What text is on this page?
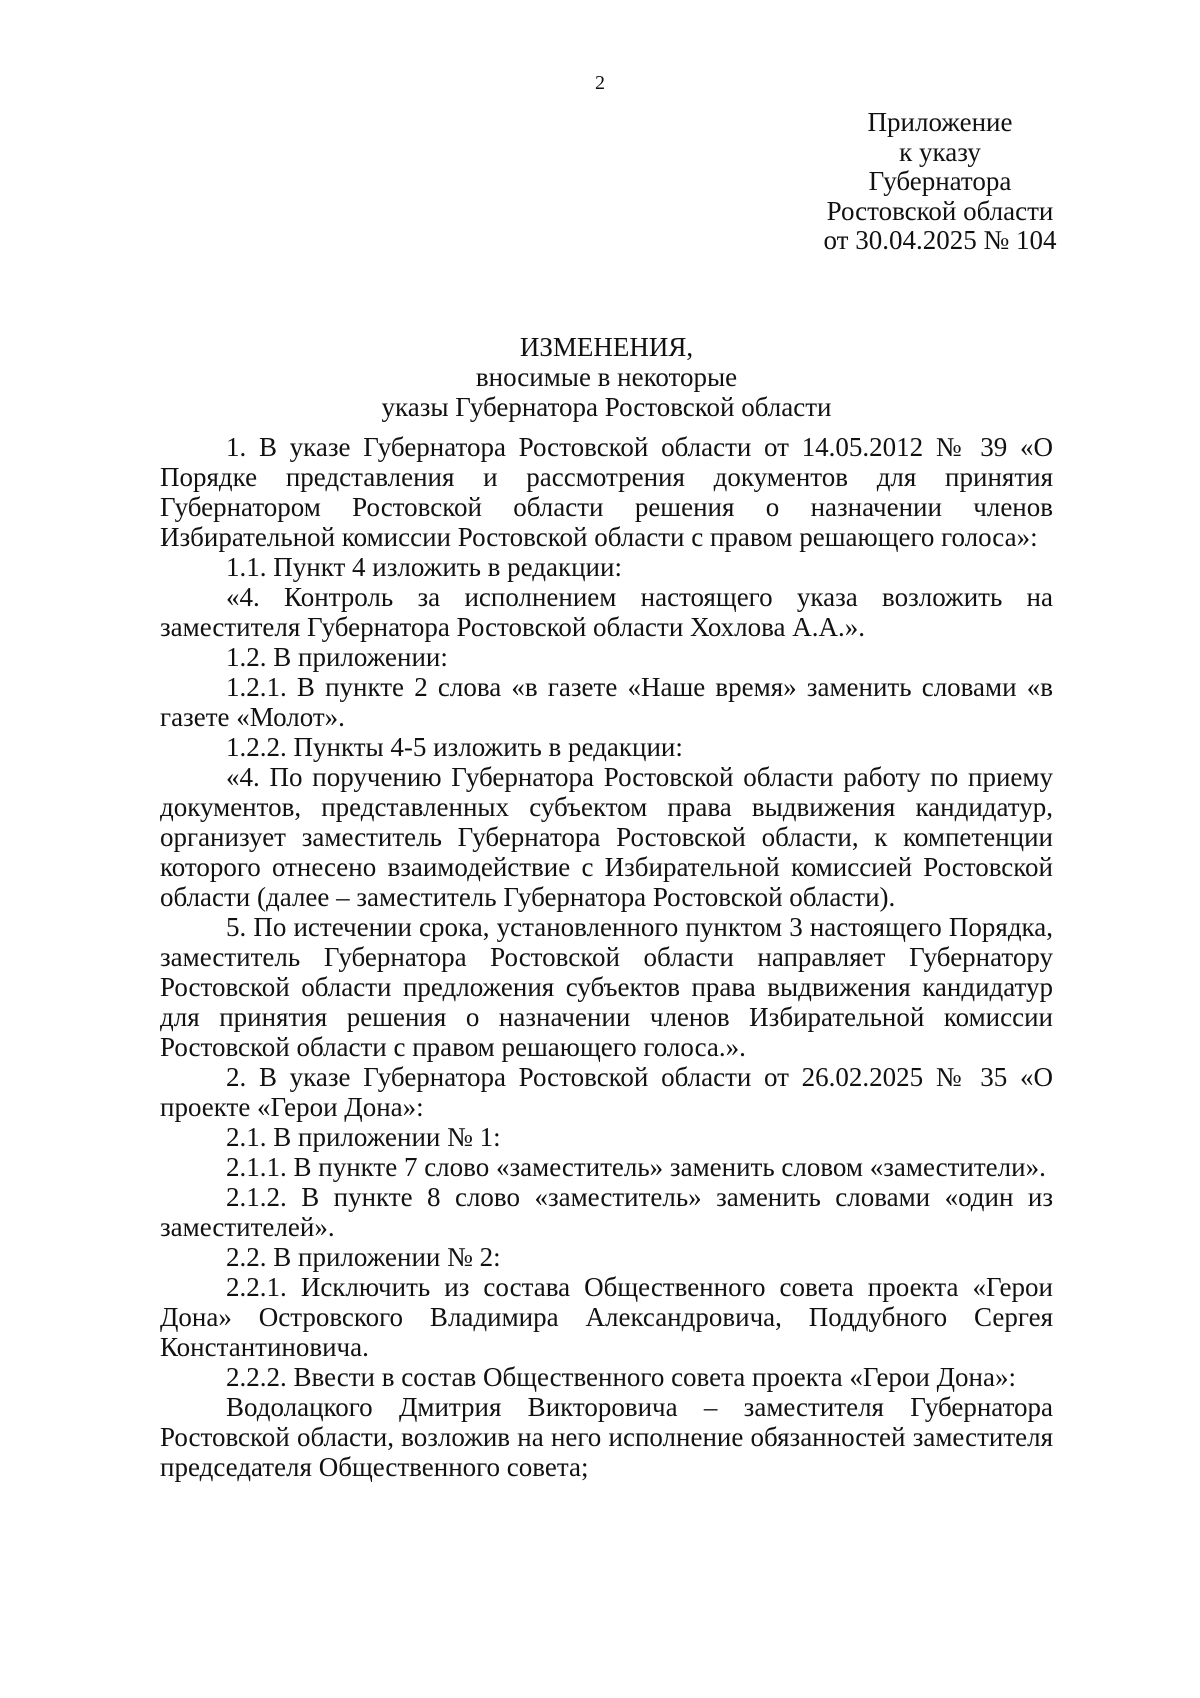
2
Приложение
к указу
Губернатора
Ростовской области
от 30.04.2025 № 104
ИЗМЕНЕНИЯ,
вносимые в некоторые
указы Губернатора Ростовской области

1. В указе Губернатора Ростовской области от 14.05.2012 № 39 «О Порядке представления и рассмотрения документов для принятия Губернатором Ростовской области решения о назначении членов Избирательной комиссии Ростовской области с правом решающего голоса»:

1.1. Пункт 4 изложить в редакции:

«4. Контроль за исполнением настоящего указа возложить на заместителя Губернатора Ростовской области Хохлова А.А.».

1.2. В приложении:

1.2.1. В пункте 2 слова «в газете «Наше время» заменить словами «в газете «Молот».

1.2.2. Пункты 4-5 изложить в редакции:

«4. По поручению Губернатора Ростовской области работу по приему документов, представленных субъектом права выдвижения кандидатур, организует заместитель Губернатора Ростовской области, к компетенции которого отнесено взаимодействие с Избирательной комиссией Ростовской области (далее – заместитель Губернатора Ростовской области).

5. По истечении срока, установленного пунктом 3 настоящего Порядка, заместитель Губернатора Ростовской области направляет Губернатору Ростовской области предложения субъектов права выдвижения кандидатур для принятия решения о назначении членов Избирательной комиссии Ростовской области с правом решающего голоса.».

2. В указе Губернатора Ростовской области от 26.02.2025 № 35 «О проекте «Герои Дона»:

2.1. В приложении № 1:

2.1.1. В пункте 7 слово «заместитель» заменить словом «заместители».

2.1.2. В пункте 8 слово «заместитель» заменить словами «один из заместителей».

2.2. В приложении № 2:

2.2.1. Исключить из состава Общественного совета проекта «Герои Дона» Островского Владимира Александровича, Поддубного Сергея Константиновича.

2.2.2. Ввести в состав Общественного совета проекта «Герои Дона»:

Водолацкого Дмитрия Викторовича – заместителя Губернатора Ростовской области, возложив на него исполнение обязанностей заместителя председателя Общественного совета;
